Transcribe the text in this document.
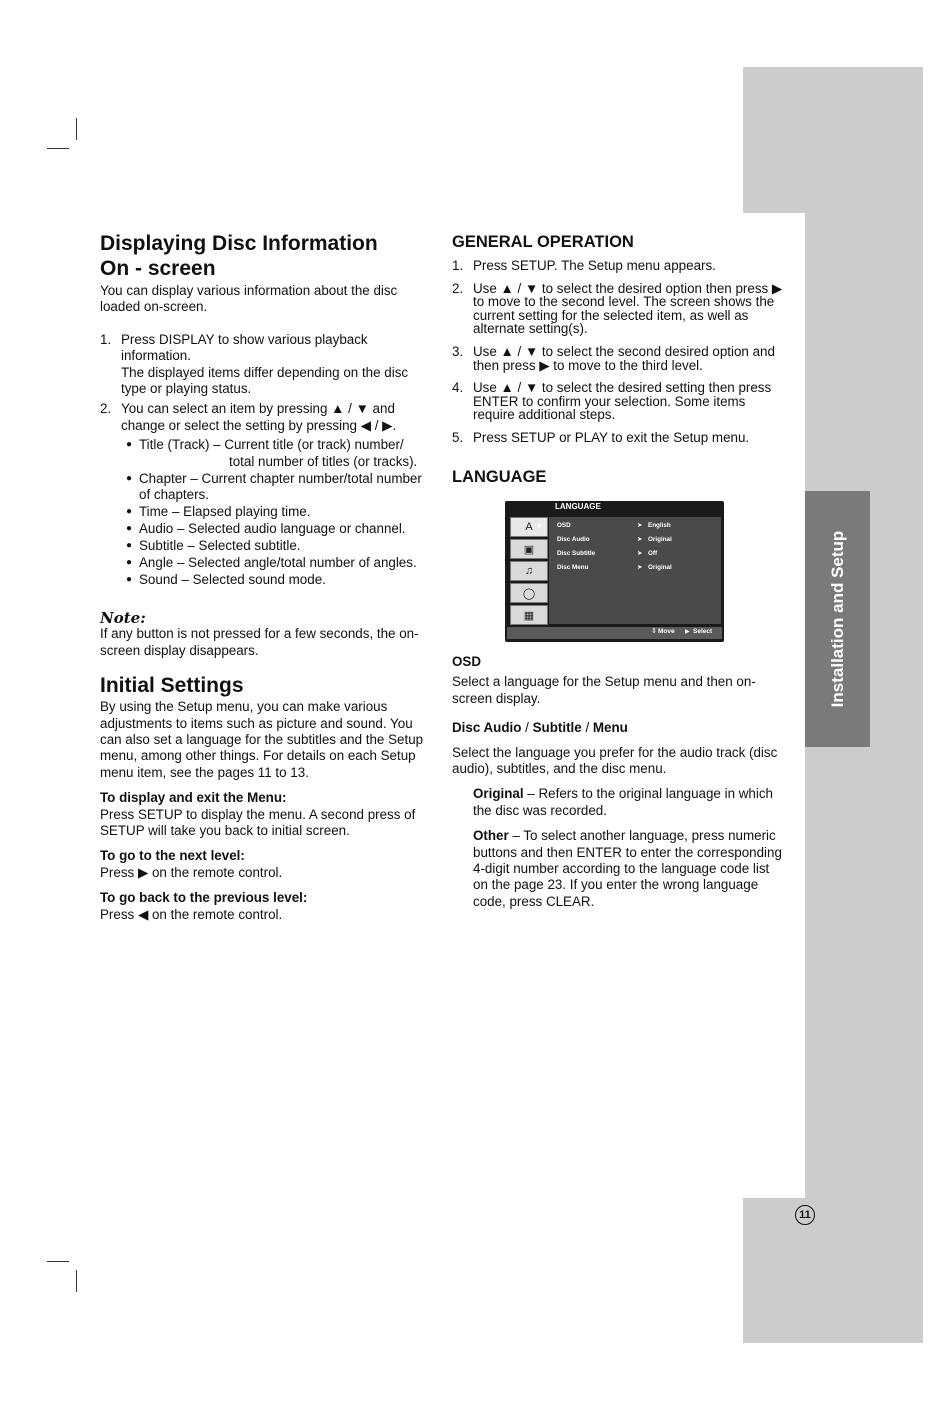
Installation and Setup
11
Displaying Disc Information
On - screen

You can display various information about the disc loaded on-screen.

1. Press DISPLAY to show various playback information.
The displayed items differ depending on the disc type or playing status.
2. You can select an item by pressing ▲ / ▼ and change or select the setting by pressing ◀ / ▶.
● Title (Track) – Current title (or track) number/
total number of titles (or tracks).
● Chapter – Current chapter number/total number of chapters.
● Time – Elapsed playing time.
● Audio – Selected audio language or channel.
● Subtitle – Selected subtitle.
● Angle – Selected angle/total number of angles.
● Sound – Selected sound mode.
Note:

If any button is not pressed for a few seconds, the on-screen display disappears.

Initial Settings

By using the Setup menu, you can make various adjustments to items such as picture and sound. You can also set a language for the subtitles and the Setup menu, among other things. For details on each Setup menu item, see the pages 11 to 13.

To display and exit the Menu:

Press SETUP to display the menu. A second press of SETUP will take you back to initial screen.

To go to the next level:

Press ▶ on the remote control.

To go back to the previous level:

Press ◀ on the remote control.

GENERAL OPERATION
1. Press SETUP. The Setup menu appears.
2. Use ▲ / ▼ to select the desired option then press ▶ to move to the second level. The screen shows the current setting for the selected item, as well as alternate setting(s).
3. Use ▲ / ▼ to select the second desired option and then press ▶ to move to the third level.
4. Use ▲ / ▼ to select the desired setting then press ENTER to confirm your selection. Some items require additional steps.
5. Press SETUP or PLAY to exit the Setup menu.
LANGUAGE
LANGUAGE
A ▶
▣
♫
◯
▦
OSD	➤ English
Disc Audio	➤ Original
Disc Subtitle	➤ Off
Disc Menu	➤ Original
⇕ Move ▶ Select

OSD

Select a language for the Setup menu and then on-screen display.

Disc Audio / Subtitle / Menu

Select the language you prefer for the audio track (disc audio), subtitles, and the disc menu.

Original – Refers to the original language in which the disc was recorded.

Other – To select another language, press numeric buttons and then ENTER to enter the corresponding 4-digit number according to the language code list on the page 23. If you enter the wrong language code, press CLEAR.
